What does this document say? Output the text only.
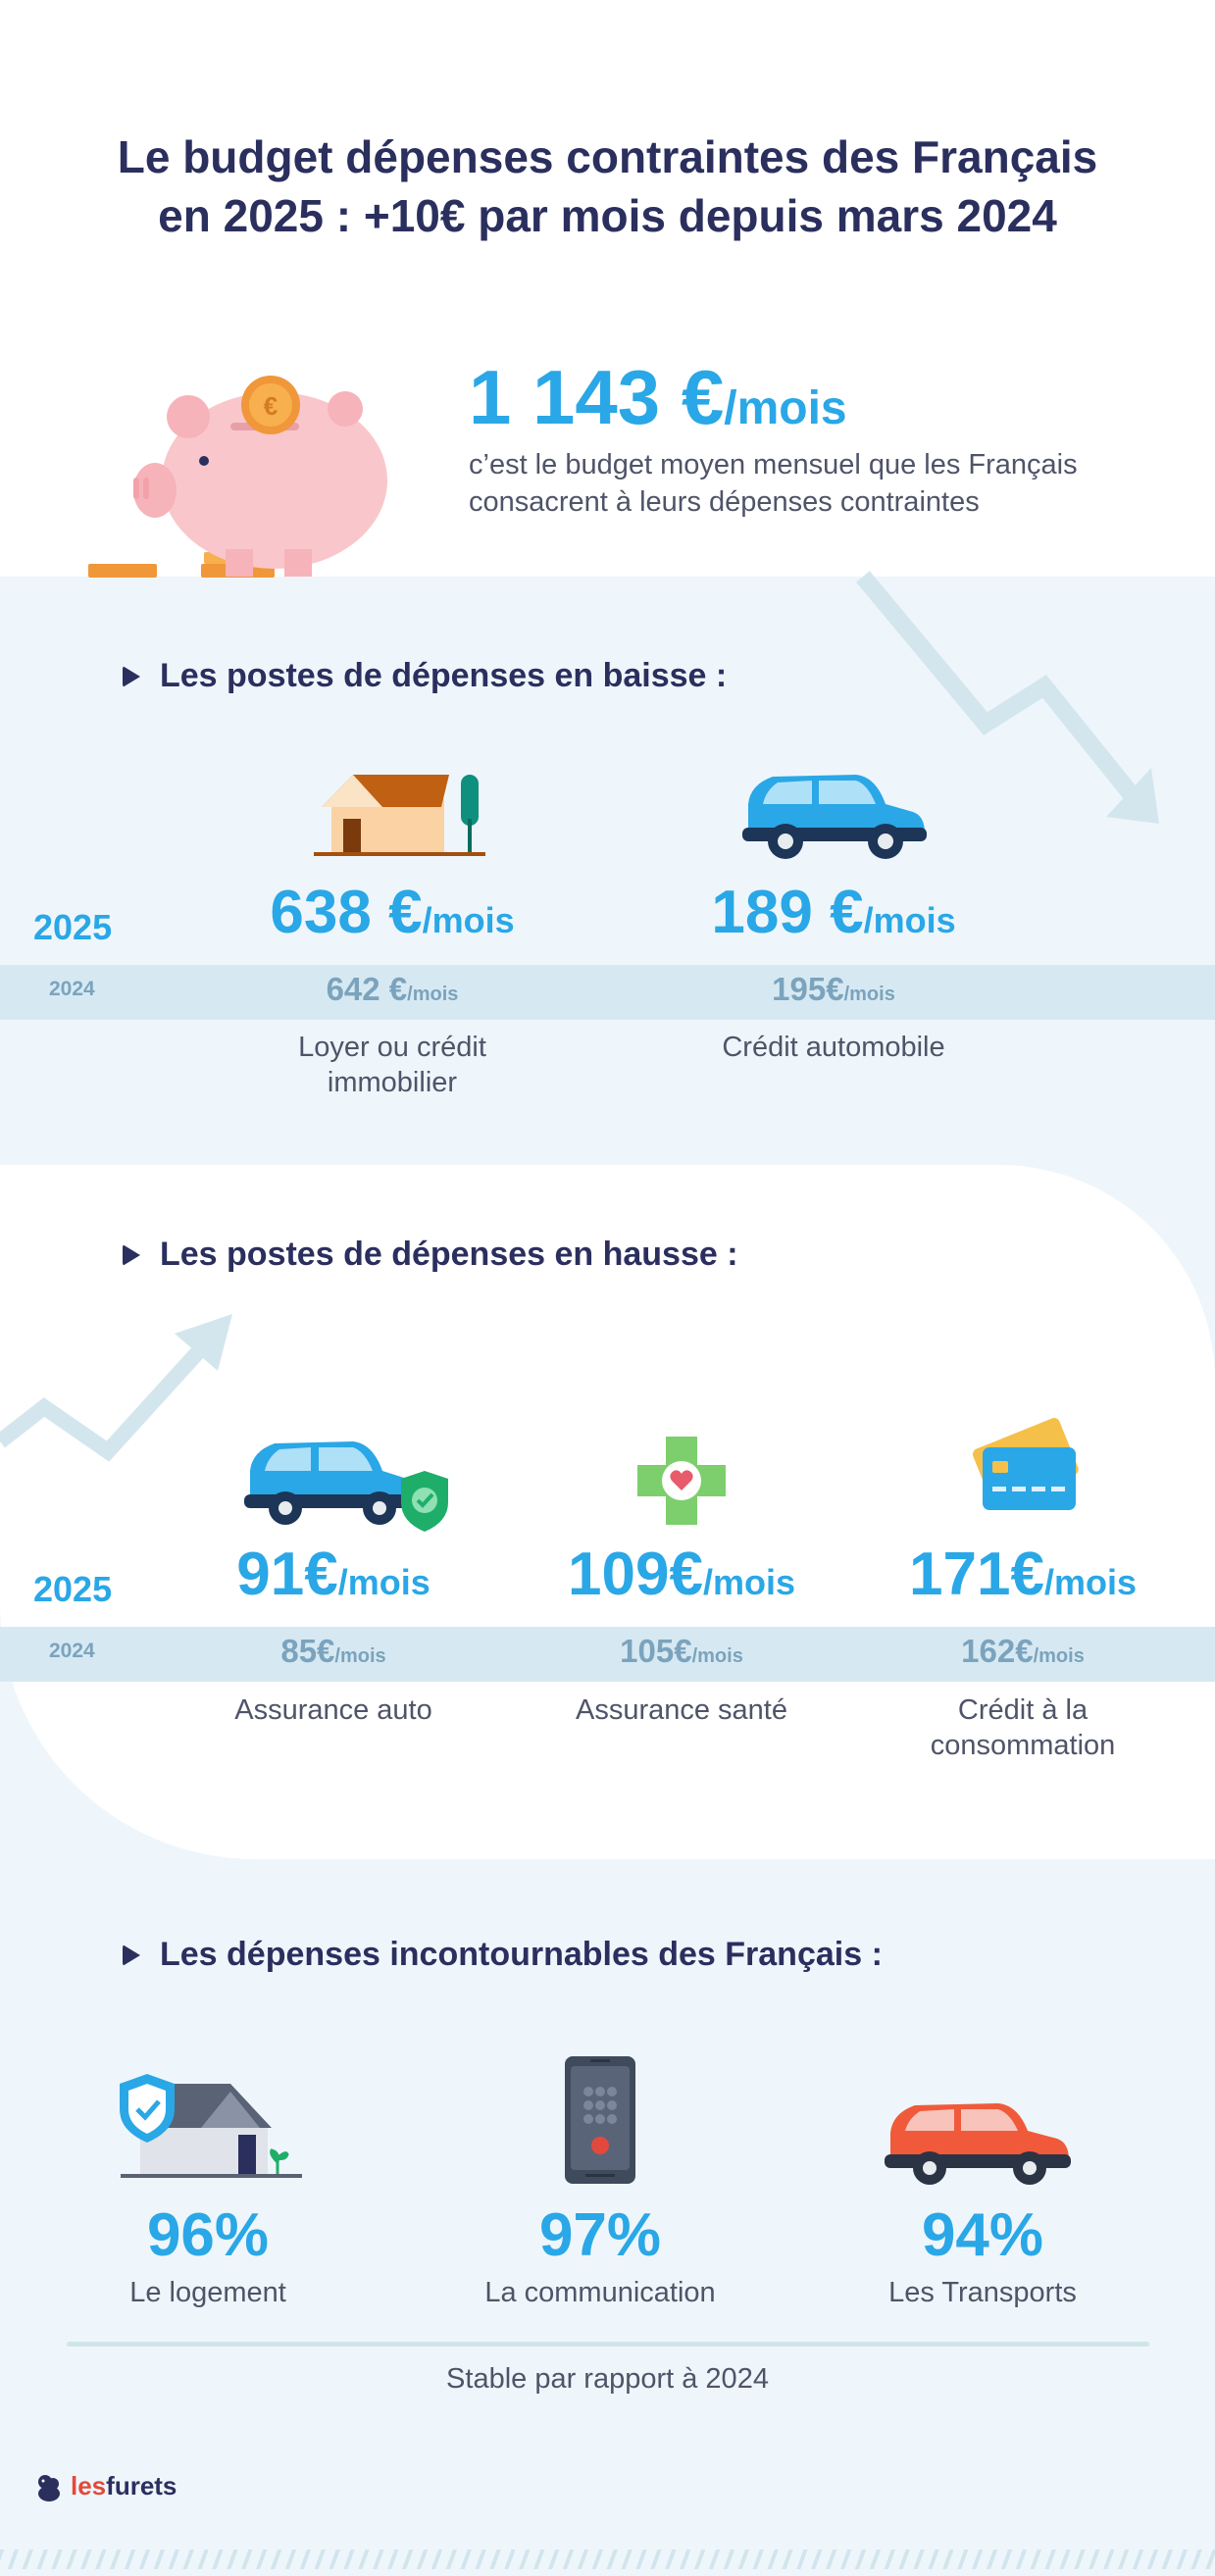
Le budget dépenses contraintes des Français
en 2025 : +10€ par mois depuis mars 2024
€ 1 143 €/mois
c’est le budget moyen mensuel que les Français
consacrent à leurs dépenses contraintes
Les postes de dépenses en baisse :
2025
2024
638 €/mois
642 €/mois
Loyer ou crédit
immobilier
189 €/mois
195€/mois
Crédit automobile
Les postes de dépenses en hausse :
2025
2024
91€/mois
85€/mois
Assurance auto
109€/mois
105€/mois
Assurance santé
171€/mois
162€/mois
Crédit à la
consommation
Les dépenses incontournables des Français :
96%
Le logement
97%
La communication
94%
Les Transports
Stable par rapport à 2024
lesfurets
